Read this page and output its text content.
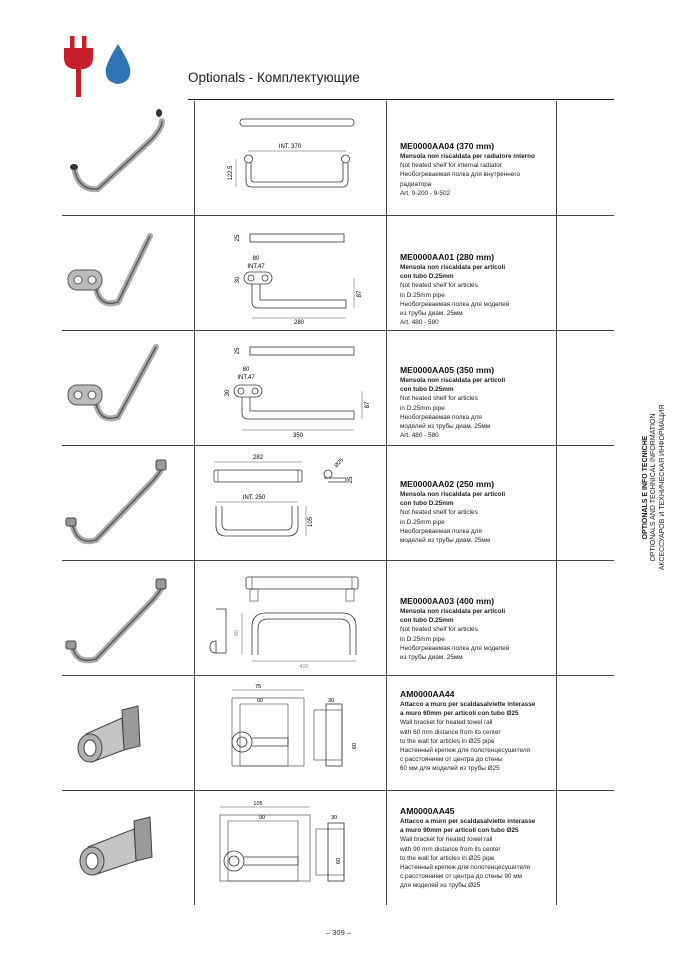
Optionals - Комплектующие
INT. 370
122.5
ME0000AA04 (370 mm)
Mensola non riscaldata per radiatore interno
Not heated shelf for internal radiator
Необогреваемая полка для внутреннего
радиатора
Art. 9-200 - 9-502
25
80
INT.47
30
87
280
ME0000AA01 (280 mm)
Mensola non riscaldata per articoli
con tubo D.25mm
Not heated shelf for articles
in D.25mm pipe
Необогреваемая полка для моделей
из трубы диам. 25мм
Art. 480 - 580
25
80
INT.47
30
87
350
ME0000AA05 (350 mm)
Mensola non riscaldata per articoli
con tubo D.25mm
Not heated shelf for articles
in D.25mm pipe
Необогреваемая полка для
моделей из трубы диам. 25мм
Art. 480 - 580
282	Ø25
25
INT. 250
105
ME0000AA02 (250 mm)
Mensola non riscaldata per articoli
con tubo D.25mm
Not heated shelf for articles
in D.25mm pipe
Необогреваемая полка для
моделей из трубы диам. 25мм
85
400
ME0000AA03 (400 mm)
Mensola non riscaldata per articoli
con tubo D.25mm
Not heated shelf for articles
in D.25mm pipe
Необогреваемая полка для моделей
из трубы диам. 25мм
75
60	30
60
AM0000AA44
Attacco a muro per scaldasalviette interasse
a muro 60mm per articoli con tubo Ø25
Wall bracket for heated towel rail
with 60 mm distance from its center
to the wall for articles in Ø25 pipe
Настенный крепеж для полотенцесушителя
с расстоянием от центра до стены
60 мм для моделей из трубы Ø25
105
90	30
60
AM0000AA45
Attacco a muro per scaldasalviette interasse
a muro 90mm per articoli con tubo Ø25
Wall bracket for heated towel rail
with 90 mm distance from its center
to the wall for articles in Ø25 pipe
Настенный крепеж для полотенцесушителя
с расстоянием от центра до стены 90 мм
для моделей из трубы Ø25
OPTIONALS E INFO TECNICHE OPTIONALS AND TECHNICAL INFORMATION АКСЕССУАРОВ И ТЕХНИЧЕСКАЯ ИНФОРМАЦИЯ
– 309 –
